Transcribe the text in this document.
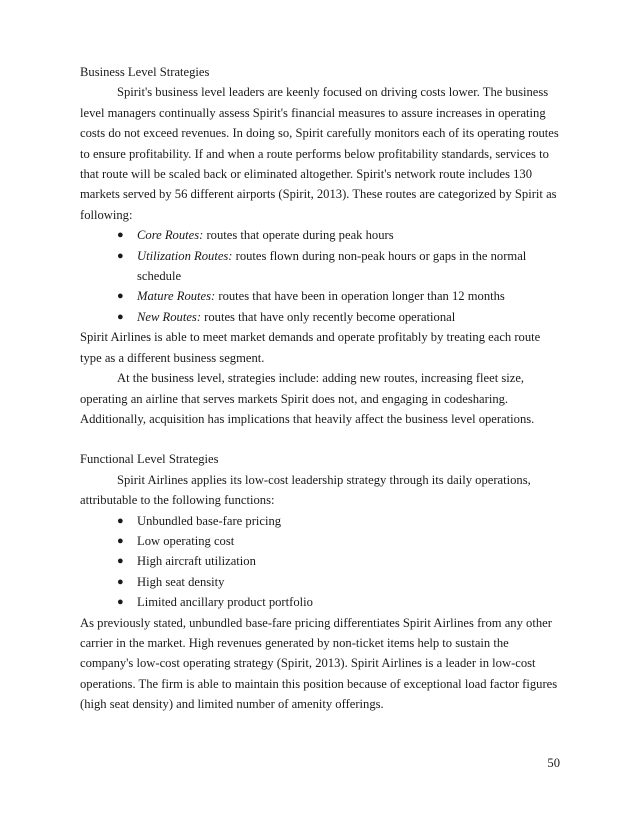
Business Level Strategies

Spirit's business level leaders are keenly focused on driving costs lower. The business level managers continually assess Spirit's financial measures to assure increases in operating costs do not exceed revenues. In doing so, Spirit carefully monitors each of its operating routes to ensure profitability. If and when a route performs below profitability standards, services to that route will be scaled back or eliminated altogether. Spirit's network route includes 130 markets served by 56 different airports (Spirit, 2013). These routes are categorized by Spirit as following:

● Core Routes: routes that operate during peak hours
● Utilization Routes: routes flown during non-peak hours or gaps in the normal schedule
● Mature Routes: routes that have been in operation longer than 12 months
● New Routes: routes that have only recently become operational

Spirit Airlines is able to meet market demands and operate profitably by treating each route type as a different business segment.

At the business level, strategies include: adding new routes, increasing fleet size, operating an airline that serves markets Spirit does not, and engaging in codesharing. Additionally, acquisition has implications that heavily affect the business level operations.

Functional Level Strategies

Spirit Airlines applies its low-cost leadership strategy through its daily operations, attributable to the following functions:

● Unbundled base-fare pricing
● Low operating cost
● High aircraft utilization
● High seat density
● Limited ancillary product portfolio

As previously stated, unbundled base-fare pricing differentiates Spirit Airlines from any other carrier in the market. High revenues generated by non-ticket items help to sustain the company's low-cost operating strategy (Spirit, 2013). Spirit Airlines is a leader in low-cost operations. The firm is able to maintain this position because of exceptional load factor figures (high seat density) and limited number of amenity offerings.

50
